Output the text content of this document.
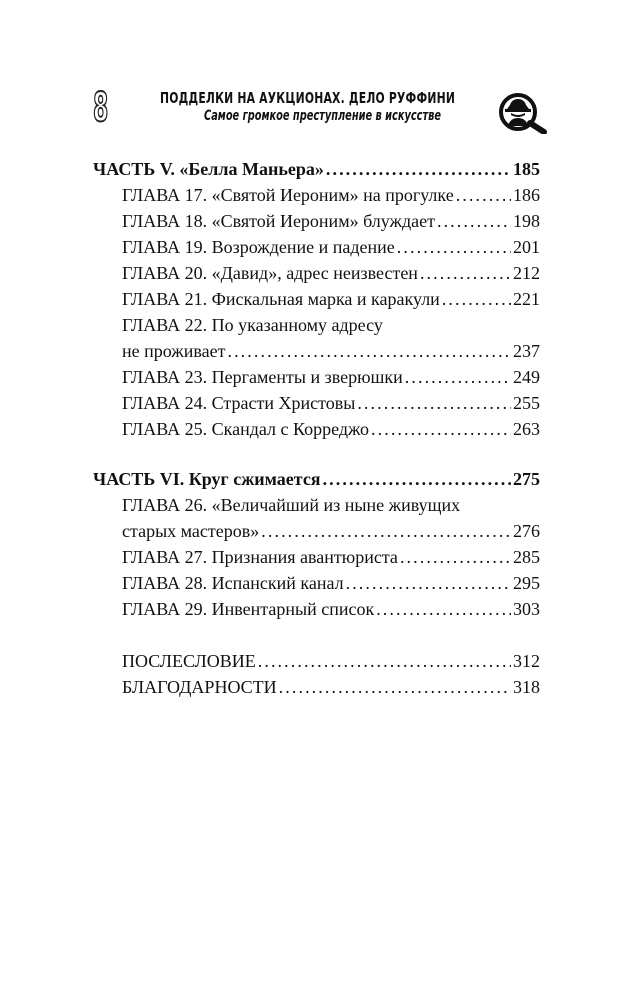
8	ПОДДЕЛКИ НА АУКЦИОНАХ. ДЕЛО РУФФИНИ
Самое громкое преступление в искусстве
ЧАСТЬ V. «Белла Маньера» . . .	185
ГЛАВА 17. «Святой Иероним» на прогулке . . .	186
ГЛАВА 18. «Святой Иероним» блуждает . . .	198
ГЛАВА 19. Возрождение и падение . . .	201
ГЛАВА 20. «Давид», адрес неизвестен . . .	212
ГЛАВА 21. Фискальная марка и каракули . . .	221
ГЛАВА 22. По указанному адресу
не проживает . . .	237
ГЛАВА 23. Пергаменты и зверюшки . . .	249
ГЛАВА 24. Страсти Христовы . . .	255
ГЛАВА 25. Скандал с Корреджо . . .	263
ЧАСТЬ VI. Круг сжимается . . .	275
ГЛАВА 26. «Величайший из ныне живущих
старых мастеров» . . .	276
ГЛАВА 27. Признания авантюриста . . .	285
ГЛАВА 28. Испанский канал . . .	295
ГЛАВА 29. Инвентарный список . . .	303
ПОСЛЕСЛОВИЕ . . .	312
БЛАГОДАРНОСТИ . . .	318
